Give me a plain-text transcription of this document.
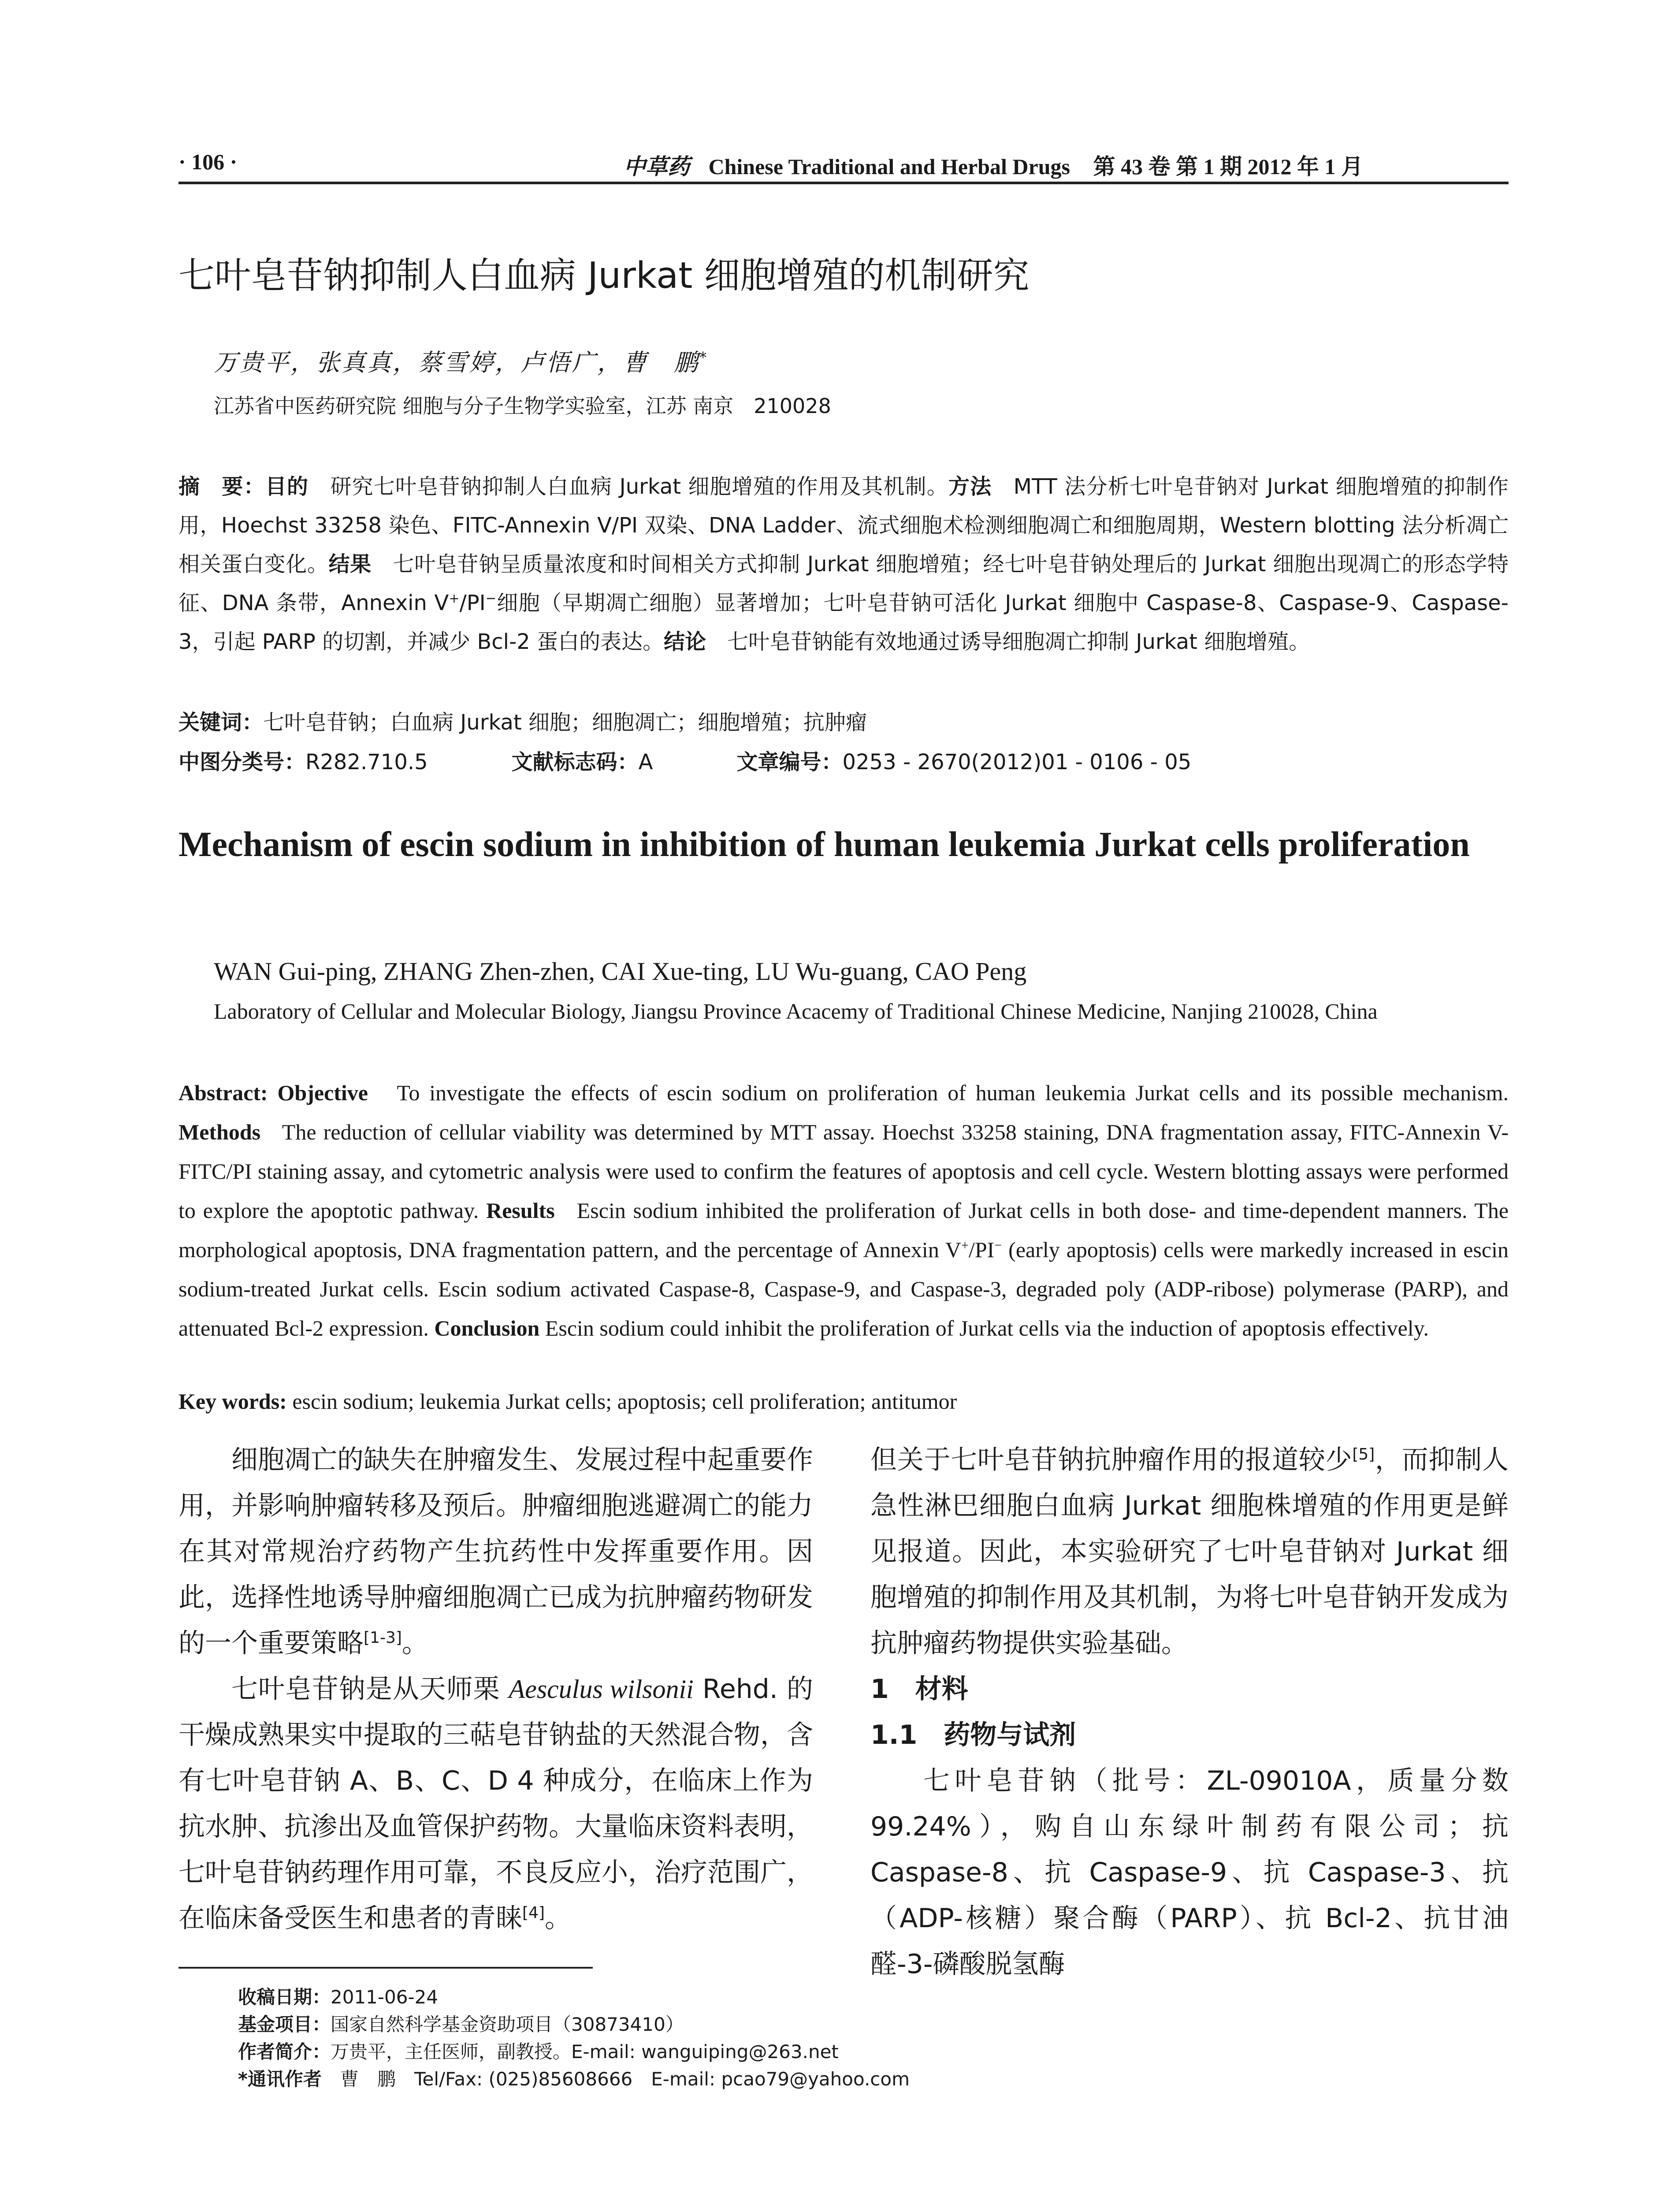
· 106 ·	中草药 Chinese Traditional and Herbal Drugs 第 43 卷 第 1 期 2012 年 1 月
七叶皂苷钠抑制人白血病 Jurkat 细胞增殖的机制研究
万贵平，张真真，蔡雪婷，卢悟广，曹　鹏*
江苏省中医药研究院 细胞与分子生物学实验室，江苏 南京　210028
摘　要：目的　 研究七叶皂苷钠抑制人白血病 Jurkat 细胞增殖的作用及其机制。方法　 MTT 法分析七叶皂苷钠对 Jurkat 细胞增殖的抑制作用，Hoechst 33258 染色、FITC-Annexin V/PI 双染、DNA Ladder、流式细胞术检测细胞凋亡和细胞周期，Western blotting 法分析凋亡相关蛋白变化。结果　 七叶皂苷钠呈质量浓度和时间相关方式抑制 Jurkat 细胞增殖；经七叶皂苷钠处理后的 Jurkat 细胞出现凋亡的形态学特征、DNA 条带，Annexin V+/PI−细胞（早期凋亡细胞）显著增加；七叶皂苷钠可活化 Jurkat 细胞中 Caspase-8、Caspase-9、Caspase-3，引起 PARP 的切割，并减少 Bcl-2 蛋白的表达。结论　 七叶皂苷钠能有效地通过诱导细胞凋亡抑制 Jurkat 细胞增殖。
关键词：七叶皂苷钠；白血病 Jurkat 细胞；细胞凋亡；细胞增殖；抗肿瘤
中图分类号：R282.710.5	文献标志码：A	文章编号：0253 - 2670(2012)01 - 0106 - 05
Mechanism of escin sodium in inhibition of human leukemia Jurkat cells proliferation
WAN Gui-ping, ZHANG Zhen-zhen, CAI Xue-ting, LU Wu-guang, CAO Peng
Laboratory of Cellular and Molecular Biology, Jiangsu Province Acacemy of Traditional Chinese Medicine, Nanjing 210028, China
Abstract: Objective To investigate the effects of escin sodium on proliferation of human leukemia Jurkat cells and its possible mechanism. Methods The reduction of cellular viability was determined by MTT assay. Hoechst 33258 staining, DNA fragmentation assay, FITC-Annexin V-FITC/PI staining assay, and cytometric analysis were used to confirm the features of apoptosis and cell cycle. Western blotting assays were performed to explore the apoptotic pathway. Results Escin sodium inhibited the proliferation of Jurkat cells in both dose- and time-dependent manners. The morphological apoptosis, DNA fragmentation pattern, and the percentage of Annexin V+/PI− (early apoptosis) cells were markedly increased in escin sodium-treated Jurkat cells. Escin sodium activated Caspase-8, Caspase-9, and Caspase-3, degraded poly (ADP-ribose) polymerase (PARP), and attenuated Bcl-2 expression. Conclusion Escin sodium could inhibit the proliferation of Jurkat cells via the induction of apoptosis effectively.
Key words: escin sodium; leukemia Jurkat cells; apoptosis; cell proliferation; antitumor

细胞凋亡的缺失在肿瘤发生、发展过程中起重要作用，并影响肿瘤转移及预后。肿瘤细胞逃避凋亡的能力在其对常规治疗药物产生抗药性中发挥重要作用。因此，选择性地诱导肿瘤细胞凋亡已成为抗肿瘤药物研发的一个重要策略[1-3]。

七叶皂苷钠是从天师栗 Aesculus wilsonii Rehd. 的干燥成熟果实中提取的三萜皂苷钠盐的天然混合物，含有七叶皂苷钠 A、B、C、D 4 种成分，在临床上作为抗水肿、抗渗出及血管保护药物。大量临床资料表明，七叶皂苷钠药理作用可靠，不良反应小，治疗范围广，在临床备受医生和患者的青睐[4]。

但关于七叶皂苷钠抗肿瘤作用的报道较少[5]，而抑制人急性淋巴细胞白血病 Jurkat 细胞株增殖的作用更是鲜见报道。因此，本实验研究了七叶皂苷钠对 Jurkat 细胞增殖的抑制作用及其机制，为将七叶皂苷钠开发成为抗肿瘤药物提供实验基础。

1　材料

1.1　药物与试剂

七叶皂苷钠（批号：ZL-09010A，质量分数 99.24%），购自山东绿叶制药有限公司；抗 Caspase-8、抗 Caspase-9、抗 Caspase-3、抗（ADP-核糖）聚合酶（PARP）、抗 Bcl-2、抗甘油醛-3-磷酸脱氢酶

收稿日期：2011-06-24
基金项目：国家自然科学基金资助项目（30873410）
作者简介：万贵平，主任医师，副教授。E-mail: wanguiping@263.net
*通讯作者　 曹　鹏　Tel/Fax: (025)85608666　E-mail: pcao79@yahoo.com
